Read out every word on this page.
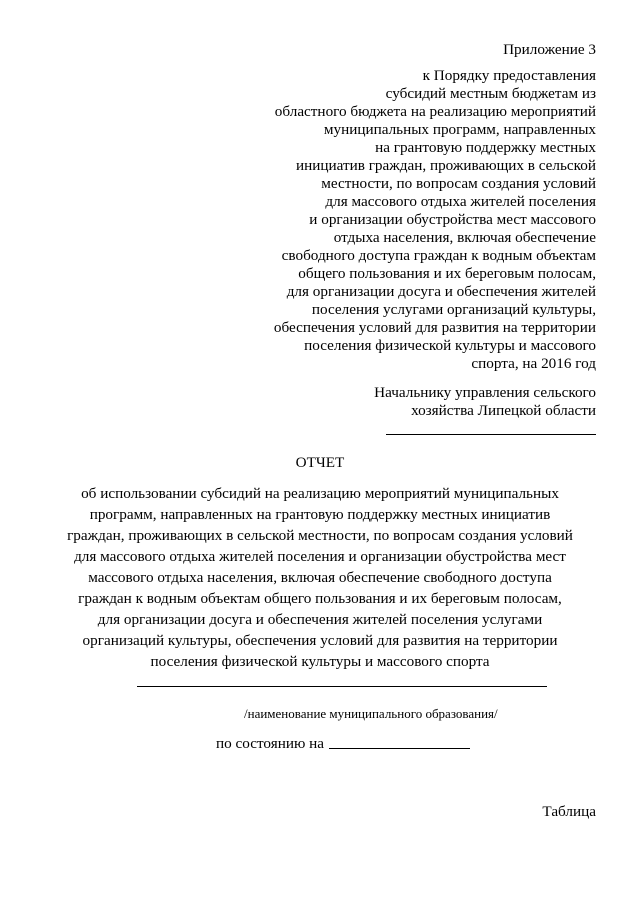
Приложение 3
к Порядку предоставления
субсидий местным бюджетам из
областного бюджета на реализацию мероприятий
муниципальных программ, направленных
на грантовую поддержку местных
инициатив граждан, проживающих в сельской
местности, по вопросам создания условий
для массового отдыха жителей поселения
и организации обустройства мест массового
отдыха населения, включая обеспечение
свободного доступа граждан к водным объектам
общего пользования и их береговым полосам,
для организации досуга и обеспечения жителей
поселения услугами организаций культуры,
обеспечения условий для развития на территории
поселения физической культуры и массового
спорта, на 2016 год
Начальнику управления сельского
хозяйства Липецкой области
ОТЧЕТ
об использовании субсидий на реализацию мероприятий муниципальных
программ, направленных на грантовую поддержку местных инициатив
граждан, проживающих в сельской местности, по вопросам создания условий
для массового отдыха жителей поселения и организации обустройства мест
массового отдыха населения, включая обеспечение свободного доступа
граждан к водным объектам общего пользования и их береговым полосам,
для организации досуга и обеспечения жителей поселения услугами
организаций культуры, обеспечения условий для развития на территории
поселения физической культуры и массового спорта
/наименование муниципального образования/
по состоянию на
Таблица
